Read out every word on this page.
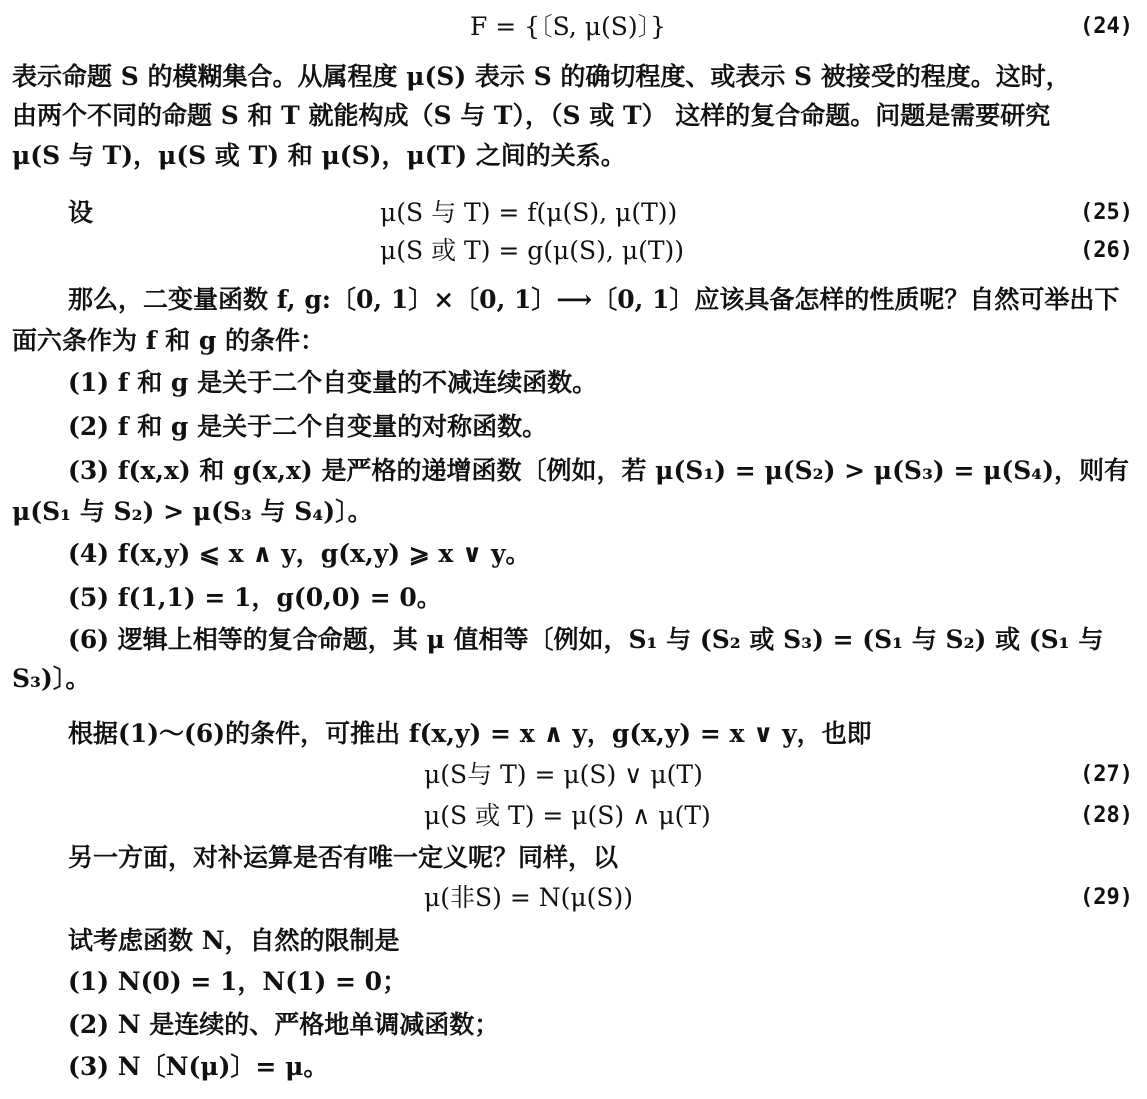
F = {〔S, μ(S)〕}	(24)
表示命题 S 的模糊集合。从属程度 μ(S) 表示 S 的确切程度、或表示 S 被接受的程度。这时，
由两个不同的命题 S 和 T 就能构成（S 与 T），（S 或 T） 这样的复合命题。问题是需要研究
μ(S 与 T)，μ(S 或 T) 和 μ(S)，μ(T) 之间的关系。
设	μ(S 与 T) = f(μ(S), μ(T))	(25)
μ(S 或 T) = g(μ(S), μ(T))	(26)
那么，二变量函数 f, g:〔0, 1〕×〔0, 1〕⟶〔0, 1〕应该具备怎样的性质呢？自然可举出下
面六条作为 f 和 g 的条件：
(1) f 和 g 是关于二个自变量的不减连续函数。
(2) f 和 g 是关于二个自变量的对称函数。
(3) f(x,x) 和 g(x,x) 是严格的递增函数〔例如，若 μ(S₁) = μ(S₂) > μ(S₃) = μ(S₄)，则有
μ(S₁ 与 S₂) > μ(S₃ 与 S₄)〕。
(4) f(x,y) ⩽ x ∧ y，g(x,y) ⩾ x ∨ y。
(5) f(1,1) = 1，g(0,0) = 0。
(6) 逻辑上相等的复合命题，其 μ 值相等〔例如，S₁ 与 (S₂ 或 S₃) = (S₁ 与 S₂) 或 (S₁ 与
S₃)〕。
根据(1)～(6)的条件，可推出 f(x,y) = x ∧ y，g(x,y) = x ∨ y，也即
μ(S与 T) = μ(S) ∨ μ(T)	(27)
μ(S 或 T) = μ(S) ∧ μ(T)	(28)
另一方面，对补运算是否有唯一定义呢？同样，以
μ(非S) = N(μ(S))	(29)
试考虑函数 N，自然的限制是
(1) N(0) = 1，N(1) = 0；
(2) N 是连续的、严格地单调减函数；
(3) N〔N(μ)〕= μ。
